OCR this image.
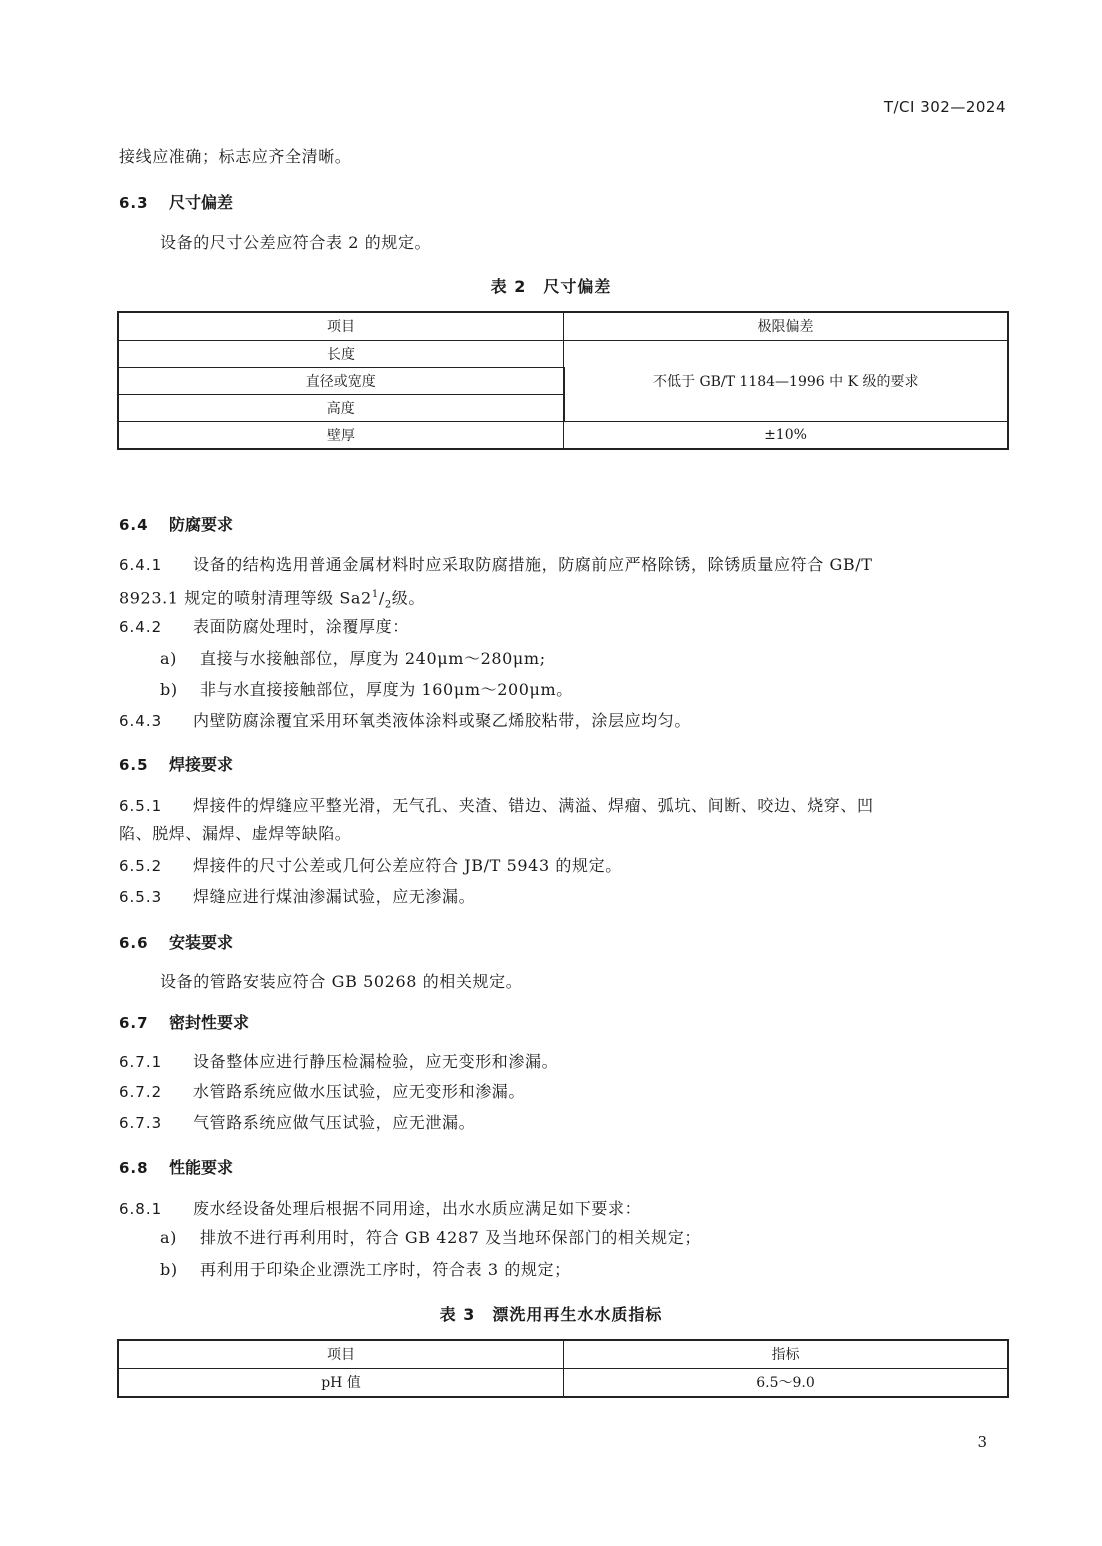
T/CI 302—2024
接线应准确；标志应齐全清晰。
6.3 尺寸偏差
设备的尺寸公差应符合表 2 的规定。
表 2　尺寸偏差
项目	极限偏差
长度	不低于 GB/T 1184—1996 中 K 级的要求
直径或宽度	
高度	
壁厚	±10%
6.4 防腐要求
6.4.1 设备的结构选用普通金属材料时应采取防腐措施，防腐前应严格除锈，除锈质量应符合 GB/T
8923.1 规定的喷射清理等级 $Sa2^1/_2$级。
6.4.2 表面防腐处理时，涂覆厚度：
a) 直接与水接触部位，厚度为 240μm～280μm;
b) 非与水直接接触部位，厚度为 160μm～200μm。
6.4.3 内壁防腐涂覆宜采用环氧类液体涂料或聚乙烯胶粘带，涂层应均匀。
6.5 焊接要求
6.5.1 焊接件的焊缝应平整光滑，无气孔、夹渣、错边、满溢、焊瘤、弧坑、间断、咬边、烧穿、凹
陷、脱焊、漏焊、虚焊等缺陷。
6.5.2 焊接件的尺寸公差或几何公差应符合 JB/T 5943 的规定。
6.5.3 焊缝应进行煤油渗漏试验，应无渗漏。
6.6 安装要求
设备的管路安装应符合 GB 50268 的相关规定。
6.7 密封性要求
6.7.1 设备整体应进行静压检漏检验，应无变形和渗漏。
6.7.2 水管路系统应做水压试验，应无变形和渗漏。
6.7.3 气管路系统应做气压试验，应无泄漏。
6.8 性能要求
6.8.1 废水经设备处理后根据不同用途，出水水质应满足如下要求：
a) 排放不进行再利用时，符合 GB 4287 及当地环保部门的相关规定；
b) 再利用于印染企业漂洗工序时，符合表 3 的规定；
表 3　漂洗用再生水水质指标
项目	指标
pH 值	6.5～9.0
3
